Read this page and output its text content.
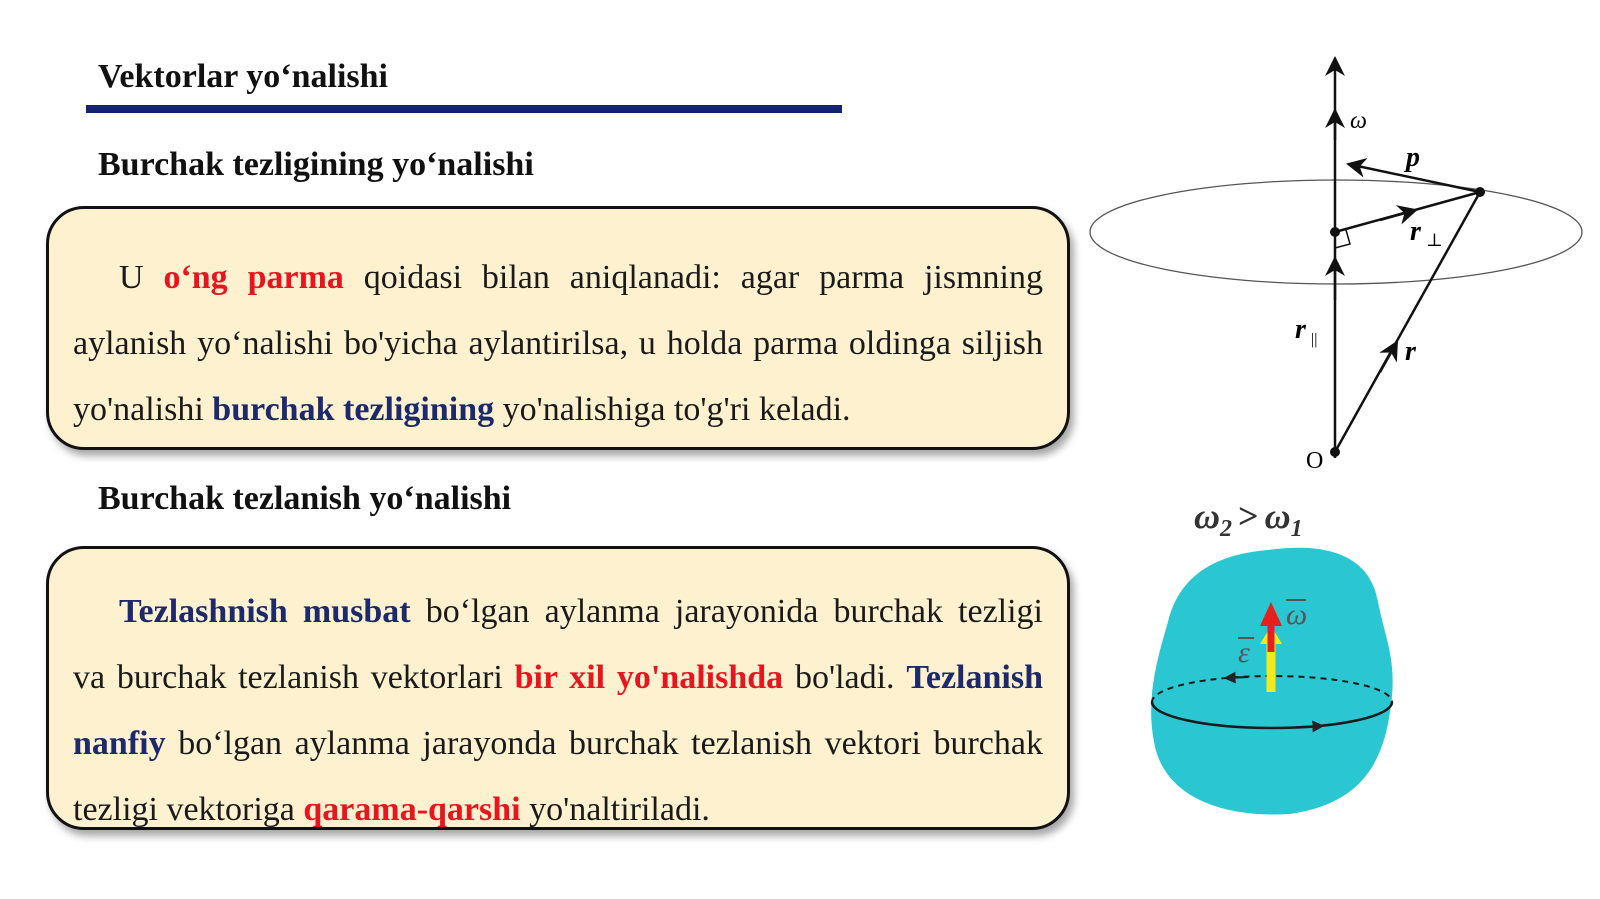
Vektorlar yo‘nalishi
Burchak tezligining yo‘nalishi

U o‘ng parma qoidasi bilan aniqlanadi: agar parma jismning aylanish yo‘nalishi bo'yicha aylantirilsa, u holda parma oldinga siljish yo'nalishi burchak tezligining yo'nalishiga to'g'ri keladi.

Burchak tezlanish yo‘nalishi

Tezlashnish musbat bo‘lgan aylanma jarayonida burchak tezligi va burchak tezlanish vektorlari bir xil yo'nalishda bo'ladi. Tezlanish nanfiy bo‘lgan aylanma jarayonda burchak tezlanish vektori burchak tezligi vektoriga qarama-qarshi yo'naltiriladi.

ω
p
r ⊥
r ||	r
O
$\omega_2 > \omega_1$
ω
ε
